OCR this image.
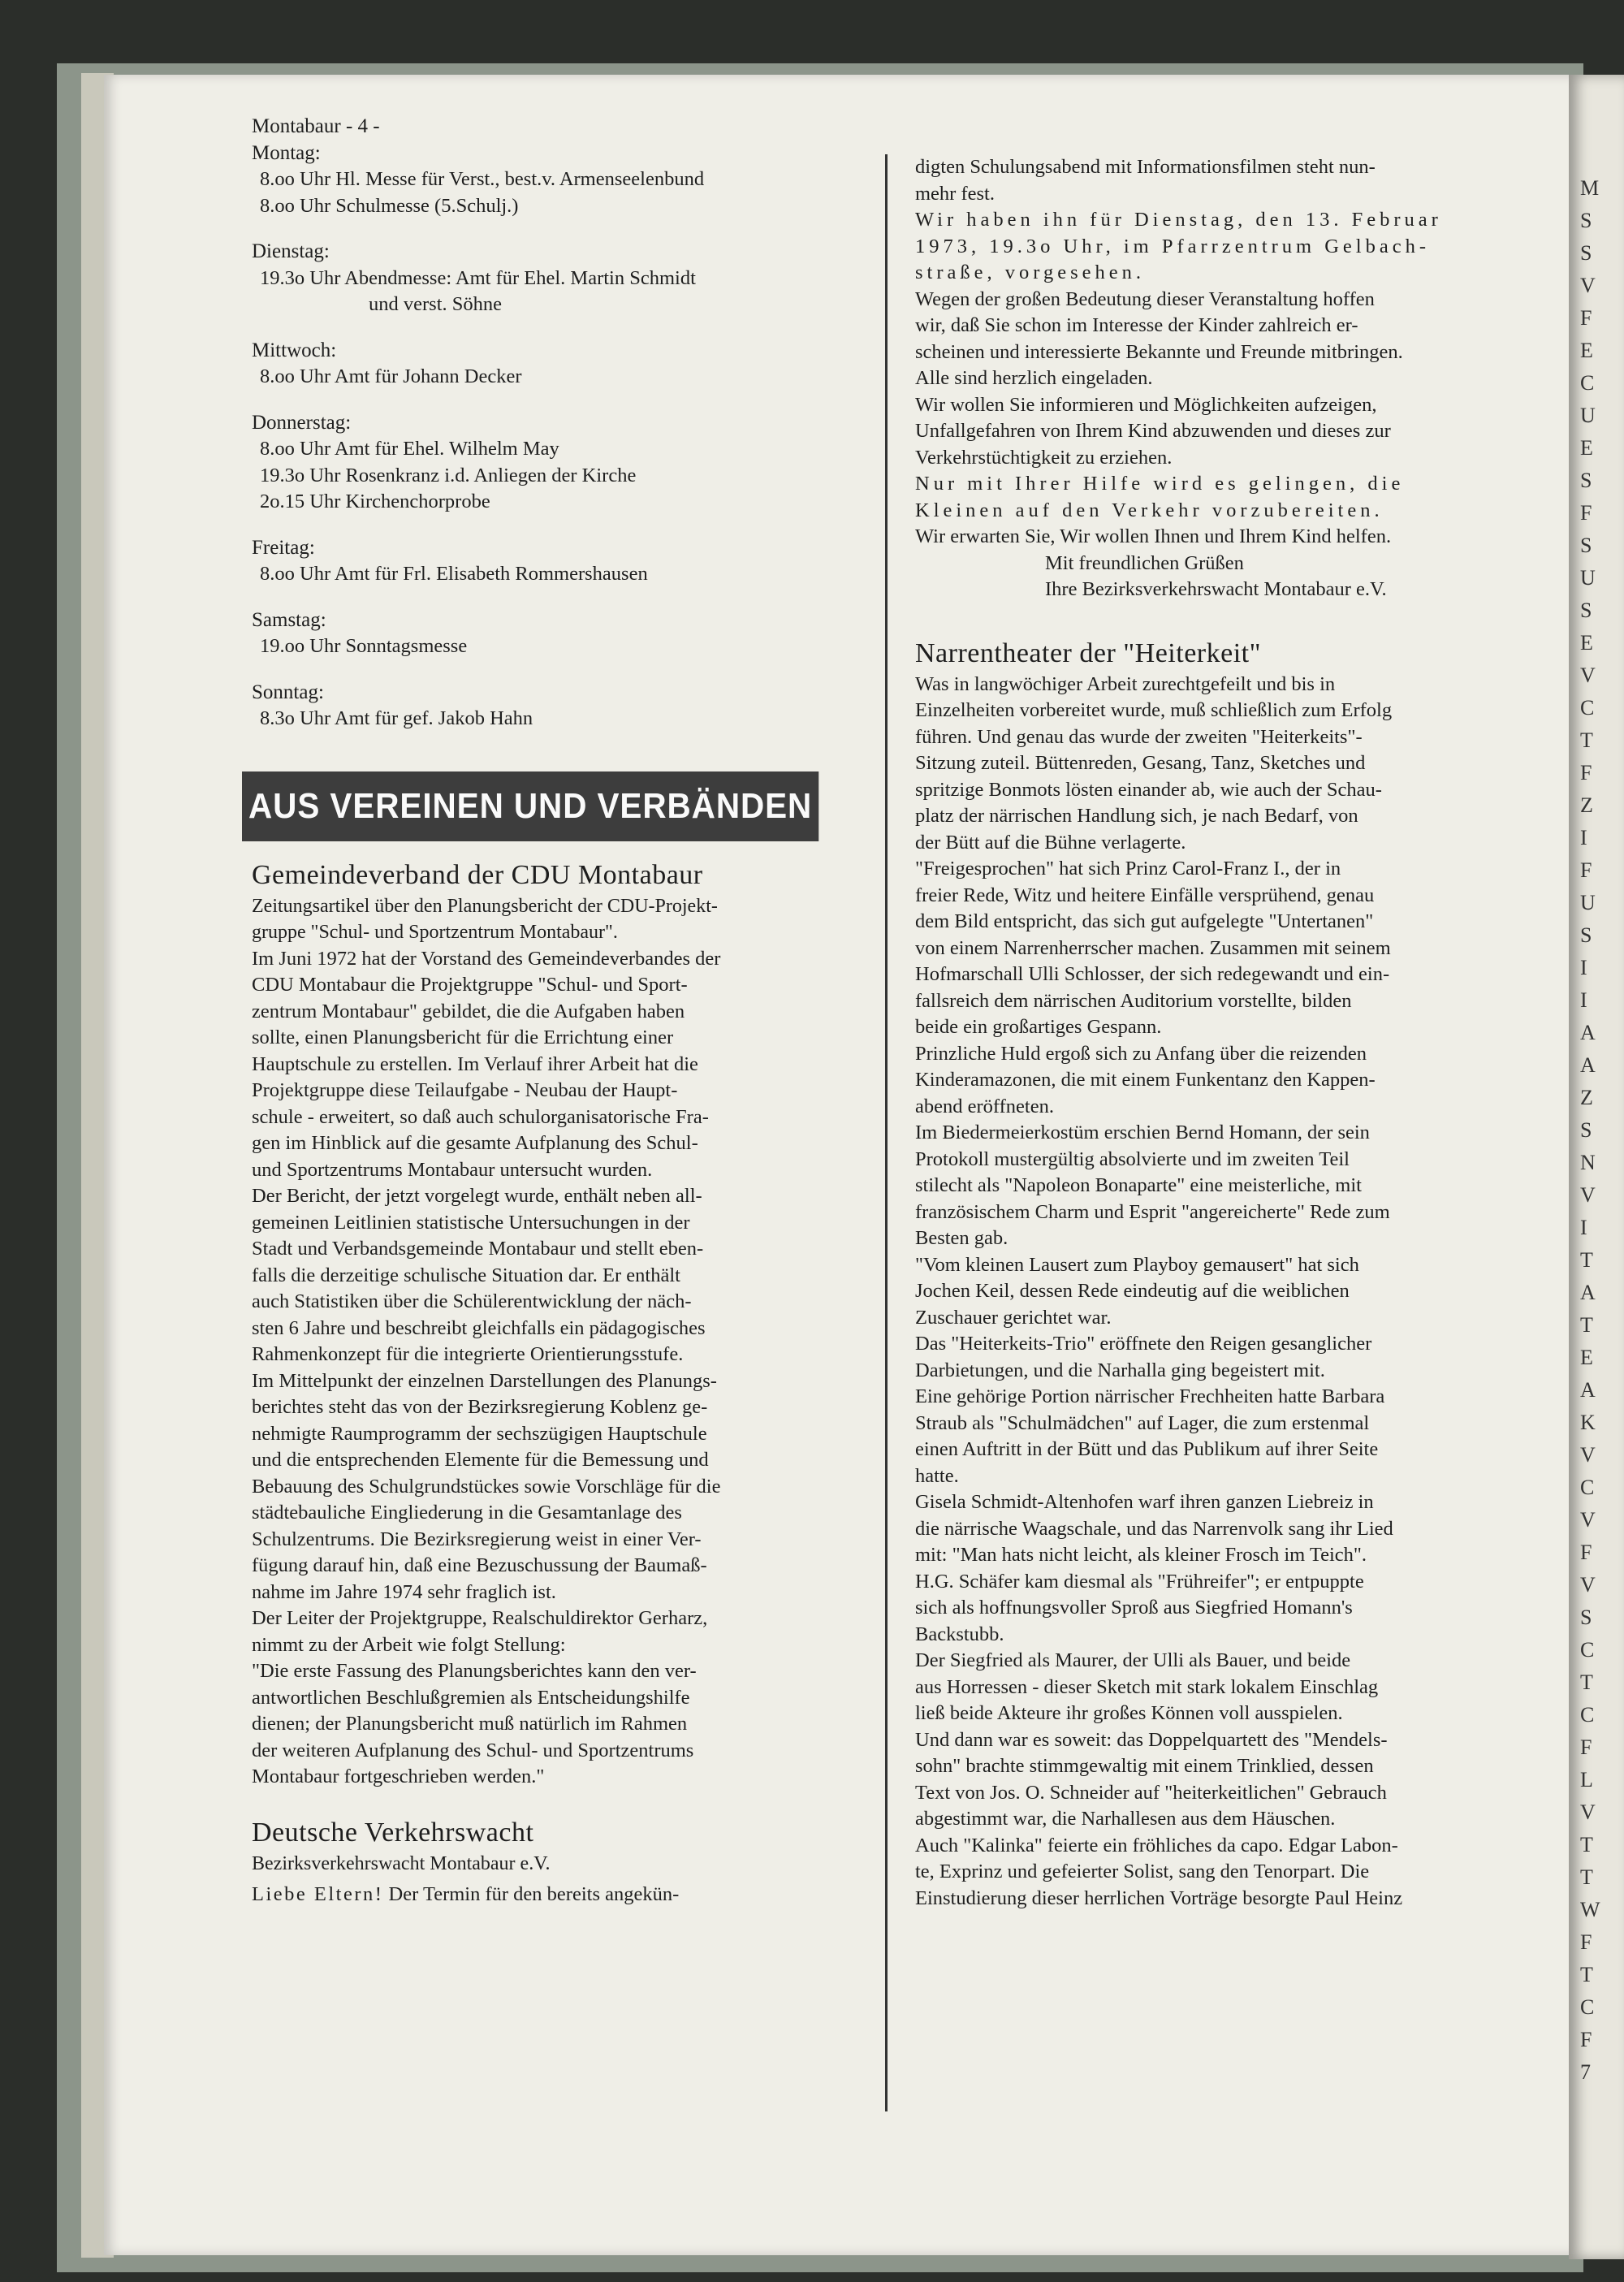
M
S
S
V
F
E
C
U
E
S
F
S
U
S
E
V
C
T
F
Z
I
F
U
S
I
I
A
A
Z
S
N
V
I
T
A
T
E
A
K
V
C
V
F
V
S
C
T
C
F
L
V
T
T
W
F
T
C
F
7

Montabaur - 4 -

Montag:

8.oo Uhr Hl. Messe für Verst., best.v. Armenseelenbund

8.oo Uhr Schulmesse (5.Schulj.)

Dienstag:

19.3o Uhr Abendmesse: Amt für Ehel. Martin Schmidt

und verst. Söhne

Mittwoch:

8.oo Uhr Amt für Johann Decker

Donnerstag:

8.oo Uhr Amt für Ehel. Wilhelm May

19.3o Uhr Rosenkranz i.d. Anliegen der Kirche

2o.15 Uhr Kirchenchorprobe

Freitag:

8.oo Uhr Amt für Frl. Elisabeth Rommershausen

Samstag:

19.oo Uhr Sonntagsmesse

Sonntag:

8.3o Uhr Amt für gef. Jakob Hahn

AUS VEREINEN UND VERBÄNDEN

Gemeindeverband der CDU Montabaur

Zeitungsartikel über den Planungsbericht der CDU-Projekt-
gruppe "Schul- und Sportzentrum Montabaur".

Im Juni 1972 hat der Vorstand des Gemeindeverbandes der
CDU Montabaur die Projektgruppe "Schul- und Sport-
zentrum Montabaur" gebildet, die die Aufgaben haben
sollte, einen Planungsbericht für die Errichtung einer
Hauptschule zu erstellen. Im Verlauf ihrer Arbeit hat die
Projektgruppe diese Teilaufgabe - Neubau der Haupt-
schule - erweitert, so daß auch schulorganisatorische Fra-
gen im Hinblick auf die gesamte Aufplanung des Schul-
und Sportzentrums Montabaur untersucht wurden.

Der Bericht, der jetzt vorgelegt wurde, enthält neben all-
gemeinen Leitlinien statistische Untersuchungen in der
Stadt und Verbandsgemeinde Montabaur und stellt eben-
falls die derzeitige schulische Situation dar. Er enthält
auch Statistiken über die Schülerentwicklung der näch-
sten 6 Jahre und beschreibt gleichfalls ein pädagogisches
Rahmenkonzept für die integrierte Orientierungsstufe.
Im Mittelpunkt der einzelnen Darstellungen des Planungs-
berichtes steht das von der Bezirksregierung Koblenz ge-
nehmigte Raumprogramm der sechszügigen Hauptschule
und die entsprechenden Elemente für die Bemessung und
Bebauung des Schulgrundstückes sowie Vorschläge für die
städtebauliche Eingliederung in die Gesamtanlage des
Schulzentrums. Die Bezirksregierung weist in einer Ver-
fügung darauf hin, daß eine Bezuschussung der Baumaß-
nahme im Jahre 1974 sehr fraglich ist.

Der Leiter der Projektgruppe, Realschuldirektor Gerharz,
nimmt zu der Arbeit wie folgt Stellung:

"Die erste Fassung des Planungsberichtes kann den ver-
antwortlichen Beschlußgremien als Entscheidungshilfe
dienen; der Planungsbericht muß natürlich im Rahmen
der weiteren Aufplanung des Schul- und Sportzentrums
Montabaur fortgeschrieben werden."

Deutsche Verkehrswacht

Bezirksverkehrswacht Montabaur e.V.

Liebe Eltern! Der Termin für den bereits angekün-

digten Schulungsabend mit Informationsfilmen steht nun-
mehr fest.

Wir haben ihn für Dienstag, den 13. Februar

1973, 19.3o Uhr, im Pfarrzentrum Gelbach-

straße, vorgesehen.

Wegen der großen Bedeutung dieser Veranstaltung hoffen
wir, daß Sie schon im Interesse der Kinder zahlreich er-
scheinen und interessierte Bekannte und Freunde mitbringen.
Alle sind herzlich eingeladen.

Wir wollen Sie informieren und Möglichkeiten aufzeigen,
Unfallgefahren von Ihrem Kind abzuwenden und dieses zur
Verkehrstüchtigkeit zu erziehen.

Nur mit Ihrer Hilfe wird es gelingen, die
Kleinen auf den Verkehr vorzubereiten.

Wir erwarten Sie, Wir wollen Ihnen und Ihrem Kind helfen.

Mit freundlichen Grüßen

Ihre Bezirksverkehrswacht Montabaur e.V.

Narrentheater der "Heiterkeit"

Was in langwöchiger Arbeit zurechtgefeilt und bis in
Einzelheiten vorbereitet wurde, muß schließlich zum Erfolg
führen. Und genau das wurde der zweiten "Heiterkeits"-
Sitzung zuteil. Büttenreden, Gesang, Tanz, Sketches und
spritzige Bonmots lösten einander ab, wie auch der Schau-
platz der närrischen Handlung sich, je nach Bedarf, von
der Bütt auf die Bühne verlagerte.

"Freigesprochen" hat sich Prinz Carol-Franz I., der in
freier Rede, Witz und heitere Einfälle versprühend, genau
dem Bild entspricht, das sich gut aufgelegte "Untertanen"
von einem Narrenherrscher machen. Zusammen mit seinem
Hofmarschall Ulli Schlosser, der sich redegewandt und ein-
fallsreich dem närrischen Auditorium vorstellte, bilden
beide ein großartiges Gespann.

Prinzliche Huld ergoß sich zu Anfang über die reizenden
Kinderamazonen, die mit einem Funkentanz den Kappen-
abend eröffneten.
Im Biedermeierkostüm erschien Bernd Homann, der sein
Protokoll mustergültig absolvierte und im zweiten Teil
stilecht als "Napoleon Bonaparte" eine meisterliche, mit
französischem Charm und Esprit "angereicherte" Rede zum
Besten gab.
"Vom kleinen Lausert zum Playboy gemausert" hat sich
Jochen Keil, dessen Rede eindeutig auf die weiblichen
Zuschauer gerichtet war.
Das "Heiterkeits-Trio" eröffnete den Reigen gesanglicher
Darbietungen, und die Narhalla ging begeistert mit.
Eine gehörige Portion närrischer Frechheiten hatte Barbara
Straub als "Schulmädchen" auf Lager, die zum erstenmal
einen Auftritt in der Bütt und das Publikum auf ihrer Seite
hatte.
Gisela Schmidt-Altenhofen warf ihren ganzen Liebreiz in
die närrische Waagschale, und das Narrenvolk sang ihr Lied
mit: "Man hats nicht leicht, als kleiner Frosch im Teich".
H.G. Schäfer kam diesmal als "Frühreifer"; er entpuppte
sich als hoffnungsvoller Sproß aus Siegfried Homann's
Backstubb.
Der Siegfried als Maurer, der Ulli als Bauer, und beide
aus Horressen - dieser Sketch mit stark lokalem Einschlag
ließ beide Akteure ihr großes Können voll ausspielen.
Und dann war es soweit: das Doppelquartett des "Mendels-
sohn" brachte stimmgewaltig mit einem Trinklied, dessen
Text von Jos. O. Schneider auf "heiterkeitlichen" Gebrauch
abgestimmt war, die Narhallesen aus dem Häuschen.
Auch "Kalinka" feierte ein fröhliches da capo. Edgar Labon-
te, Exprinz und gefeierter Solist, sang den Tenorpart. Die
Einstudierung dieser herrlichen Vorträge besorgte Paul Heinz
